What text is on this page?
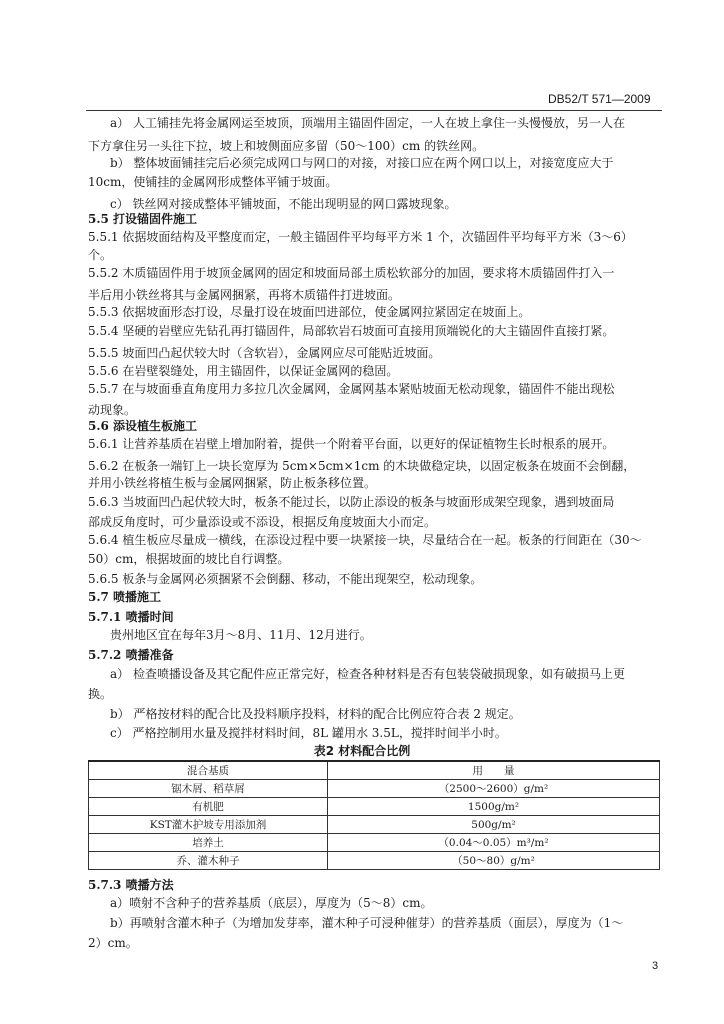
DB52/T 571—2009
a） 人工铺挂先将金属网运至坡顶，顶端用主锚固件固定，一人在坡上拿住一头慢慢放，另一人在
下方拿住另一头往下拉，坡上和坡侧面应多留（50～100）cm 的铁丝网。
b） 整体坡面铺挂完后必须完成网口与网口的对接，对接口应在两个网口以上，对接宽度应大于
10cm，使铺挂的金属网形成整体平铺于坡面。
c） 铁丝网对接成整体平铺坡面，不能出现明显的网口露坡现象。
5.5 打设锚固件施工
5.5.1 依据坡面结构及平整度而定，一般主锚固件平均每平方米 1 个，次锚固件平均每平方米（3～6）
个。
5.5.2 木质锚固件用于坡顶金属网的固定和坡面局部土质松软部分的加固，要求将木质锚固件打入一
半后用小铁丝将其与金属网捆紧，再将木质锚件打进坡面。
5.5.3 依据坡面形态打设，尽量打设在坡面凹进部位，使金属网拉紧固定在坡面上。
5.5.4 坚硬的岩壁应先钻孔再打锚固件，局部软岩石坡面可直接用顶端锐化的大主锚固件直接打紧。
5.5.5 坡面凹凸起伏较大时（含软岩），金属网应尽可能贴近坡面。
5.5.6 在岩壁裂缝处，用主锚固件，以保证金属网的稳固。
5.5.7 在与坡面垂直角度用力多拉几次金属网，金属网基本紧贴坡面无松动现象，锚固件不能出现松
动现象。
5.6 添设植生板施工
5.6.1 让营养基质在岩壁上增加附着，提供一个附着平台面，以更好的保证植物生长时根系的展开。
5.6.2 在板条一端钉上一块长宽厚为 5cm×5cm×1cm 的木块做稳定块，以固定板条在坡面不会倒翻，
并用小铁丝将植生板与金属网捆紧，防止板条移位置。
5.6.3 当坡面凹凸起伏较大时，板条不能过长，以防止添设的板条与坡面形成架空现象，遇到坡面局
部成反角度时，可少量添设或不添设，根据反角度坡面大小而定。
5.6.4 植生板应尽量成一横线，在添设过程中要一块紧接一块，尽量结合在一起。板条的行间距在（30～
50）cm，根据坡面的坡比自行调整。
5.6.5 板条与金属网必须捆紧不会倒翻、移动，不能出现架空，松动现象。
5.7 喷播施工
5.7.1 喷播时间
贵州地区宜在每年3月～8月、11月、12月进行。
5.7.2 喷播准备
a） 检查喷播设备及其它配件应正常完好，检查各种材料是否有包装袋破损现象，如有破损马上更
换。
b） 严格按材料的配合比及投料顺序投料，材料的配合比例应符合表 2 规定。
c） 严格控制用水量及搅拌材料时间，8L 罐用水 3.5L，搅拌时间半小时。
表2 材料配合比例
混合基质	用　　量
锯木屑、稻草屑	（2500～2600）g/m²
有机肥	1500g/m²
KST灌木护坡专用添加剂	500g/m²
培养土	（0.04～0.05）m³/m²
乔、灌木种子	（50～80）g/m²
5.7.3 喷播方法
a）喷射不含种子的营养基质（底层），厚度为（5～8）cm。
b）再喷射含灌木种子（为增加发芽率，灌木种子可浸种催芽）的营养基质（面层），厚度为（1～
2）cm。
3
